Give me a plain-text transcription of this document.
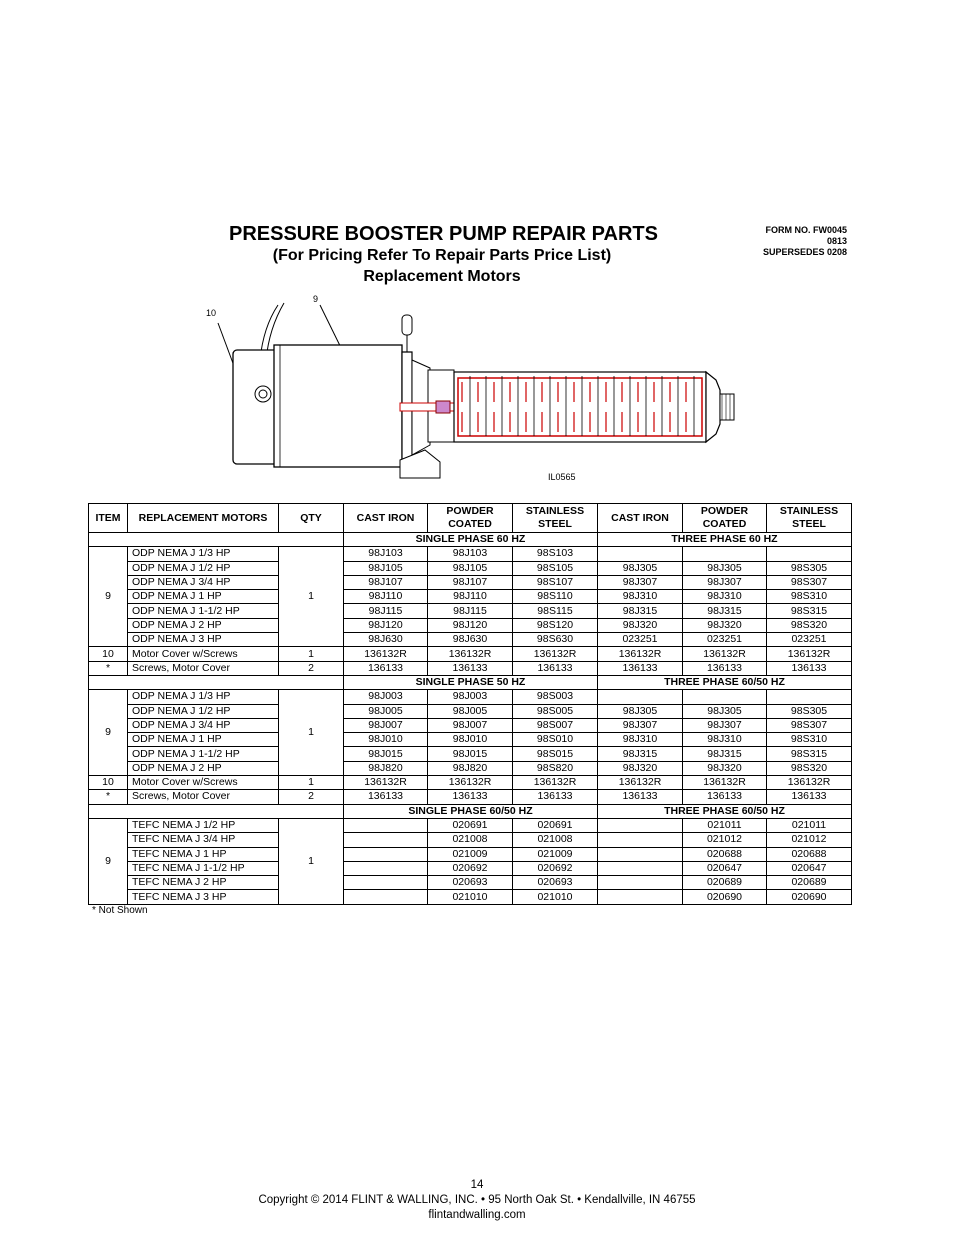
PRESSURE BOOSTER PUMP REPAIR PARTS
(For Pricing Refer To Repair Parts Price List)
Replacement Motors
FORM NO. FW0045
0813
SUPERSEDES 0208
10
9
IL0565
ITEM	REPLACEMENT MOTORS	QTY	CAST IRON	POWDER COATED	STAINLESS STEEL	CAST IRON	POWDER COATED	STAINLESS STEEL
			SINGLE PHASE 60 HZ			THREE PHASE 60 HZ		
9	ODP NEMA J 1/3 HP	1	98J103	98J103	98S103			
	ODP NEMA J 1/2 HP		98J105	98J105	98S105	98J305	98J305	98S305
	ODP NEMA J 3/4 HP		98J107	98J107	98S107	98J307	98J307	98S307
	ODP NEMA J 1 HP		98J110	98J110	98S110	98J310	98J310	98S310
	ODP NEMA J 1-1/2 HP		98J115	98J115	98S115	98J315	98J315	98S315
	ODP NEMA J 2 HP		98J120	98J120	98S120	98J320	98J320	98S320
	ODP NEMA J 3 HP		98J630	98J630	98S630	023251	023251	023251
10	Motor Cover w/Screws	1	136132R	136132R	136132R	136132R	136132R	136132R
*	Screws, Motor Cover	2	136133	136133	136133	136133	136133	136133
			SINGLE PHASE 50 HZ			THREE PHASE 60/50 HZ		
9	ODP NEMA J 1/3 HP	1	98J003	98J003	98S003			
	ODP NEMA J 1/2 HP		98J005	98J005	98S005	98J305	98J305	98S305
	ODP NEMA J 3/4 HP		98J007	98J007	98S007	98J307	98J307	98S307
	ODP NEMA J 1 HP		98J010	98J010	98S010	98J310	98J310	98S310
	ODP NEMA J 1-1/2 HP		98J015	98J015	98S015	98J315	98J315	98S315
	ODP NEMA J 2 HP		98J820	98J820	98S820	98J320	98J320	98S320
10	Motor Cover w/Screws	1	136132R	136132R	136132R	136132R	136132R	136132R
*	Screws, Motor Cover	2	136133	136133	136133	136133	136133	136133
			SINGLE PHASE 60/50 HZ			THREE PHASE 60/50 HZ		
9	TEFC NEMA J 1/2 HP	1		020691	020691		021011	021011
	TEFC NEMA J 3/4 HP			021008	021008		021012	021012
	TEFC NEMA J 1 HP			021009	021009		020688	020688
	TEFC NEMA J 1-1/2 HP			020692	020692		020647	020647
	TEFC NEMA J 2 HP			020693	020693		020689	020689
	TEFC NEMA J 3 HP			021010	021010		020690	020690
* Not Shown
14
Copyright © 2014 FLINT & WALLING, INC. • 95 North Oak St. • Kendallville, IN 46755
flintandwalling.com
